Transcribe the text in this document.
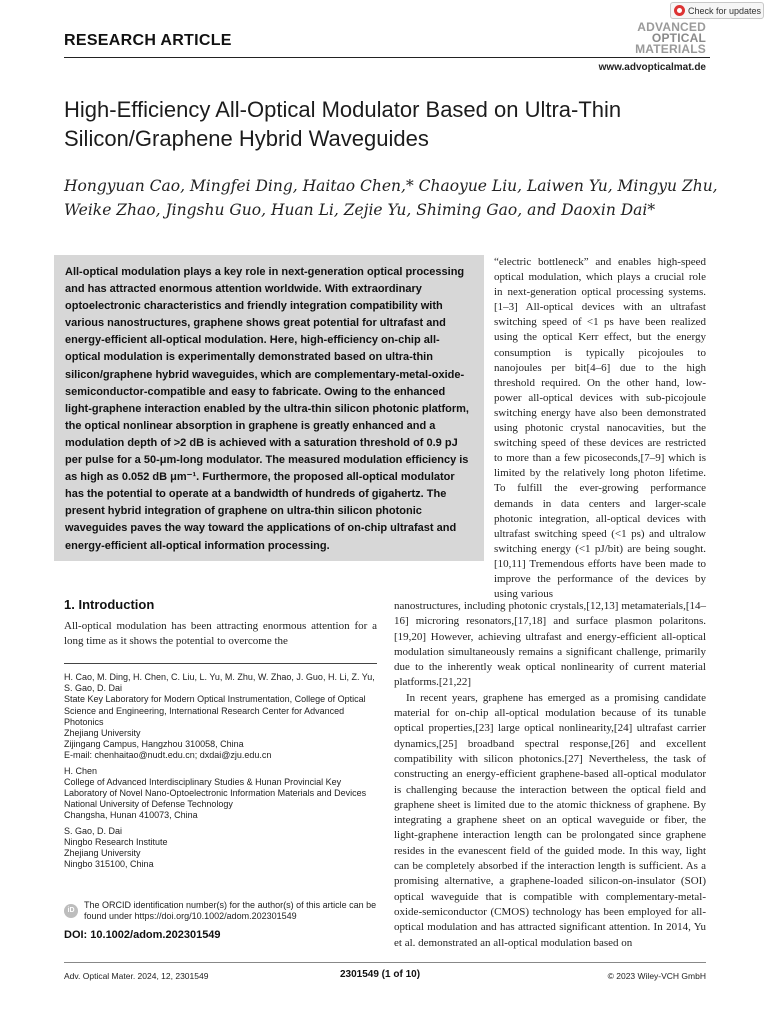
Check for updates
RESEARCH ARTICLE
ADVANCED
OPTICAL
MATERIALS
www.advopticalmat.de
High-Efficiency All-Optical Modulator Based on Ultra-Thin Silicon/Graphene Hybrid Waveguides
Hongyuan Cao, Mingfei Ding, Haitao Chen,* Chaoyue Liu, Laiwen Yu, Mingyu Zhu, Weike Zhao, Jingshu Guo, Huan Li, Zejie Yu, Shiming Gao, and Daoxin Dai*
All-optical modulation plays a key role in next-generation optical processing and has attracted enormous attention worldwide. With extraordinary optoelectronic characteristics and friendly integration compatibility with various nanostructures, graphene shows great potential for ultrafast and energy-efficient all-optical modulation. Here, high-efficiency on-chip all-optical modulation is experimentally demonstrated based on ultra-thin silicon/graphene hybrid waveguides, which are complementary-metal-oxide-semiconductor-compatible and easy to fabricate. Owing to the enhanced light-graphene interaction enabled by the ultra-thin silicon photonic platform, the optical nonlinear absorption in graphene is greatly enhanced and a modulation depth of >2 dB is achieved with a saturation threshold of 0.9 pJ per pulse for a 50-μm-long modulator. The measured modulation efficiency is as high as 0.052 dB μm⁻¹. Furthermore, the proposed all-optical modulator has the potential to operate at a bandwidth of hundreds of gigahertz. The present hybrid integration of graphene on ultra-thin silicon photonic waveguides paves the way toward the applications of on-chip ultrafast and energy-efficient all-optical information processing.

“electric bottleneck” and enables high-speed optical modulation, which plays a crucial role in next-generation optical processing systems.[1–3] All-optical devices with an ultrafast switching speed of <1 ps have been realized using the optical Kerr effect, but the energy consumption is typically picojoules to nanojoules per bit[4–6] due to the high threshold required. On the other hand, low-power all-optical devices with sub-picojoule switching energy have also been demonstrated using photonic crystal nanocavities, but the switching speed of these devices are restricted to more than a few picoseconds,[7–9] which is limited by the relatively long photon lifetime. To fulfill the ever-growing performance demands in data centers and larger-scale photonic integration, all-optical devices with ultrafast switching speed (<1 ps) and ultralow switching energy (<1 pJ/bit) are being sought.[10,11] Tremendous efforts have been made to improve the performance of the devices by using various

1. Introduction
All-optical modulation has been attracting enormous attention for a long time as it shows the potential to overcome the
H. Cao, M. Ding, H. Chen, C. Liu, L. Yu, M. Zhu, W. Zhao, J. Guo, H. Li, Z. Yu, S. Gao, D. Dai
State Key Laboratory for Modern Optical Instrumentation, College of Optical Science and Engineering, International Research Center for Advanced Photonics
Zhejiang University
Zijingang Campus, Hangzhou 310058, China
E-mail: chenhaitao@nudt.edu.cn; dxdai@zju.edu.cn
H. Chen
College of Advanced Interdisciplinary Studies & Hunan Provincial Key Laboratory of Novel Nano-Optoelectronic Information Materials and Devices
National University of Defense Technology
Changsha, Hunan 410073, China
S. Gao, D. Dai
Ningbo Research Institute
Zhejiang University
Ningbo 315100, China
iD
The ORCID identification number(s) for the author(s) of this article can be found under https://doi.org/10.1002/adom.202301549
DOI: 10.1002/adom.202301549

nanostructures, including photonic crystals,[12,13] metamaterials,[14–16] microring resonators,[17,18] and surface plasmon polaritons.[19,20] However, achieving ultrafast and energy-efficient all-optical modulation simultaneously remains a significant challenge, primarily due to the inherently weak optical nonlinearity of current material platforms.[21,22]

In recent years, graphene has emerged as a promising candidate material for on-chip all-optical modulation because of its tunable optical properties,[23] large optical nonlinearity,[24] ultrafast carrier dynamics,[25] broadband spectral response,[26] and excellent compatibility with silicon photonics.[27] Nevertheless, the task of constructing an energy-efficient graphene-based all-optical modulator is challenging because the interaction between the optical field and graphene sheet is limited due to the atomic thickness of graphene. By integrating a graphene sheet on an optical waveguide or fiber, the light-graphene interaction length can be prolongated since graphene resides in the evanescent field of the guided mode. In this way, light can be completely absorbed if the interaction length is sufficient. As a promising alternative, a graphene-loaded silicon-on-insulator (SOI) optical waveguide that is compatible with complementary-metal-oxide-semiconductor (CMOS) technology has been employed for all-optical modulation and has attracted significant attention. In 2014, Yu et al. demonstrated an all-optical modulation based on

Adv. Optical Mater. 2024, 12, 2301549	2301549 (1 of 10)	© 2023 Wiley-VCH GmbH
